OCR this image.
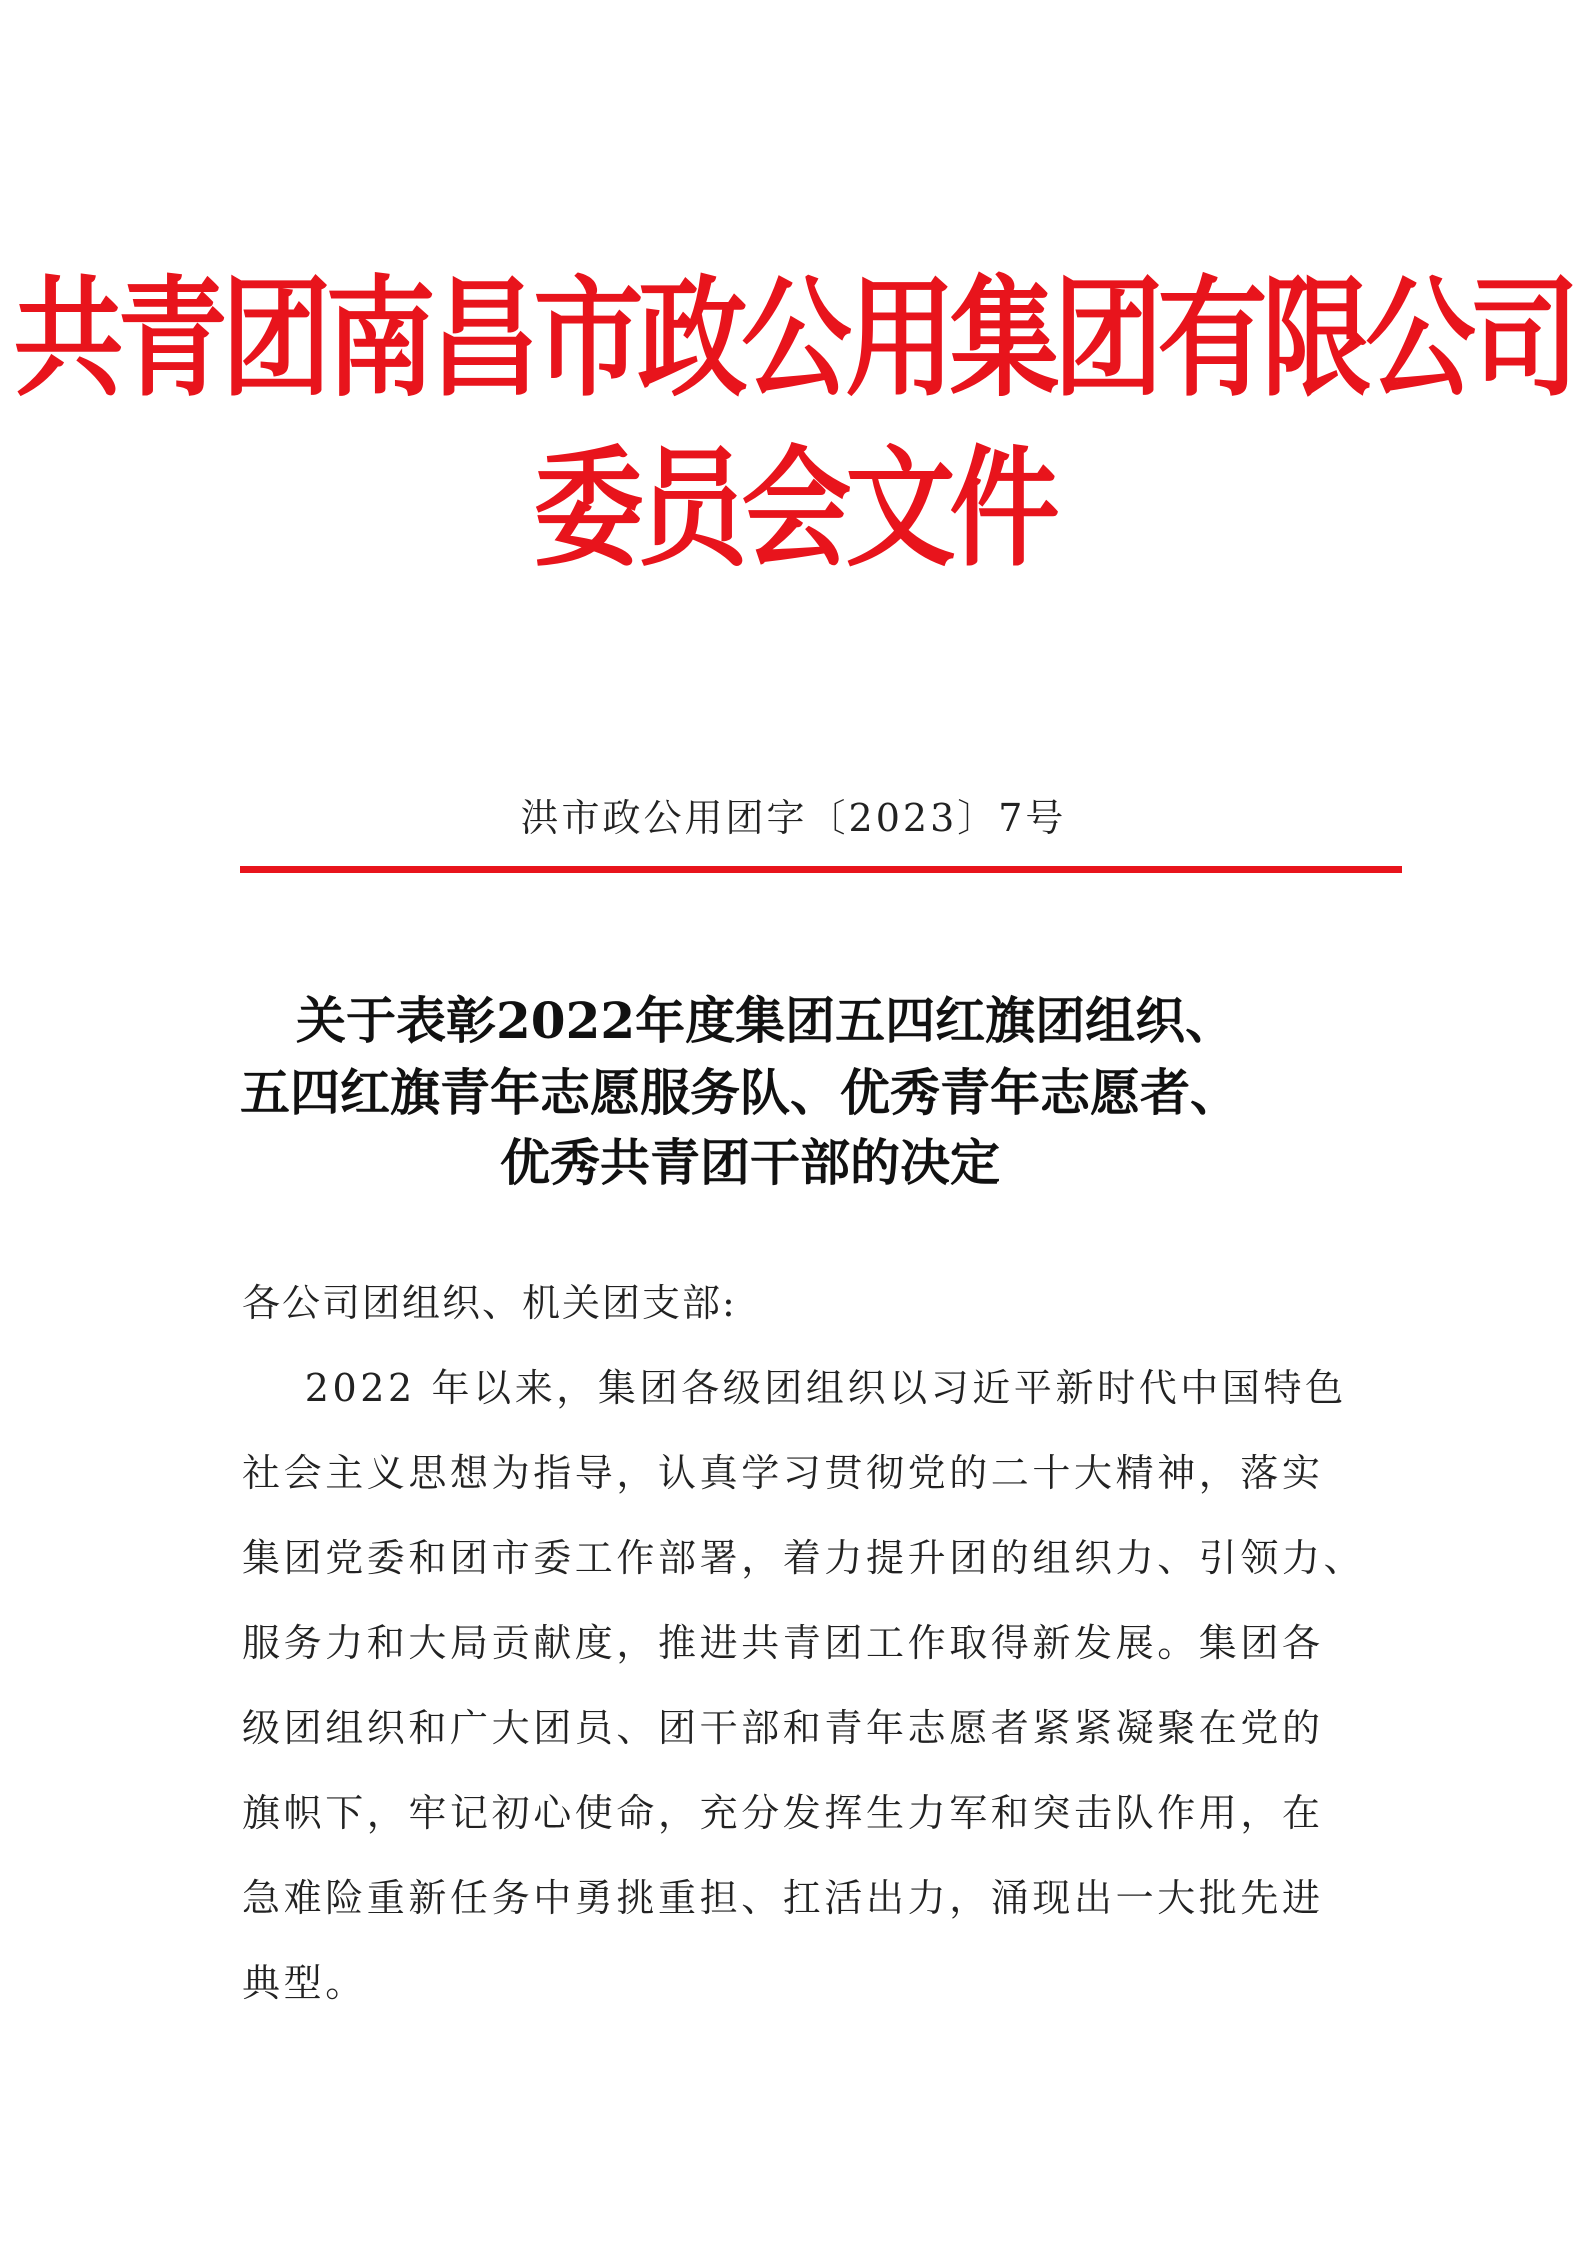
共青团南昌市政公用集团有限公司
委员会文件
洪市政公用团字〔2023〕7号
关于表彰2022年度集团五四红旗团组织、
五四红旗青年志愿服务队、优秀青年志愿者、
优秀共青团干部的决定
各公司团组织、机关团支部:
2022 年以来，集团各级团组织以习近平新时代中国特色
社会主义思想为指导，认真学习贯彻党的二十大精神，落实
集团党委和团市委工作部署，着力提升团的组织力、引领力、
服务力和大局贡献度，推进共青团工作取得新发展。集团各
级团组织和广大团员、团干部和青年志愿者紧紧凝聚在党的
旗帜下，牢记初心使命，充分发挥生力军和突击队作用，在
急难险重新任务中勇挑重担、扛活出力，涌现出一大批先进
典型。
